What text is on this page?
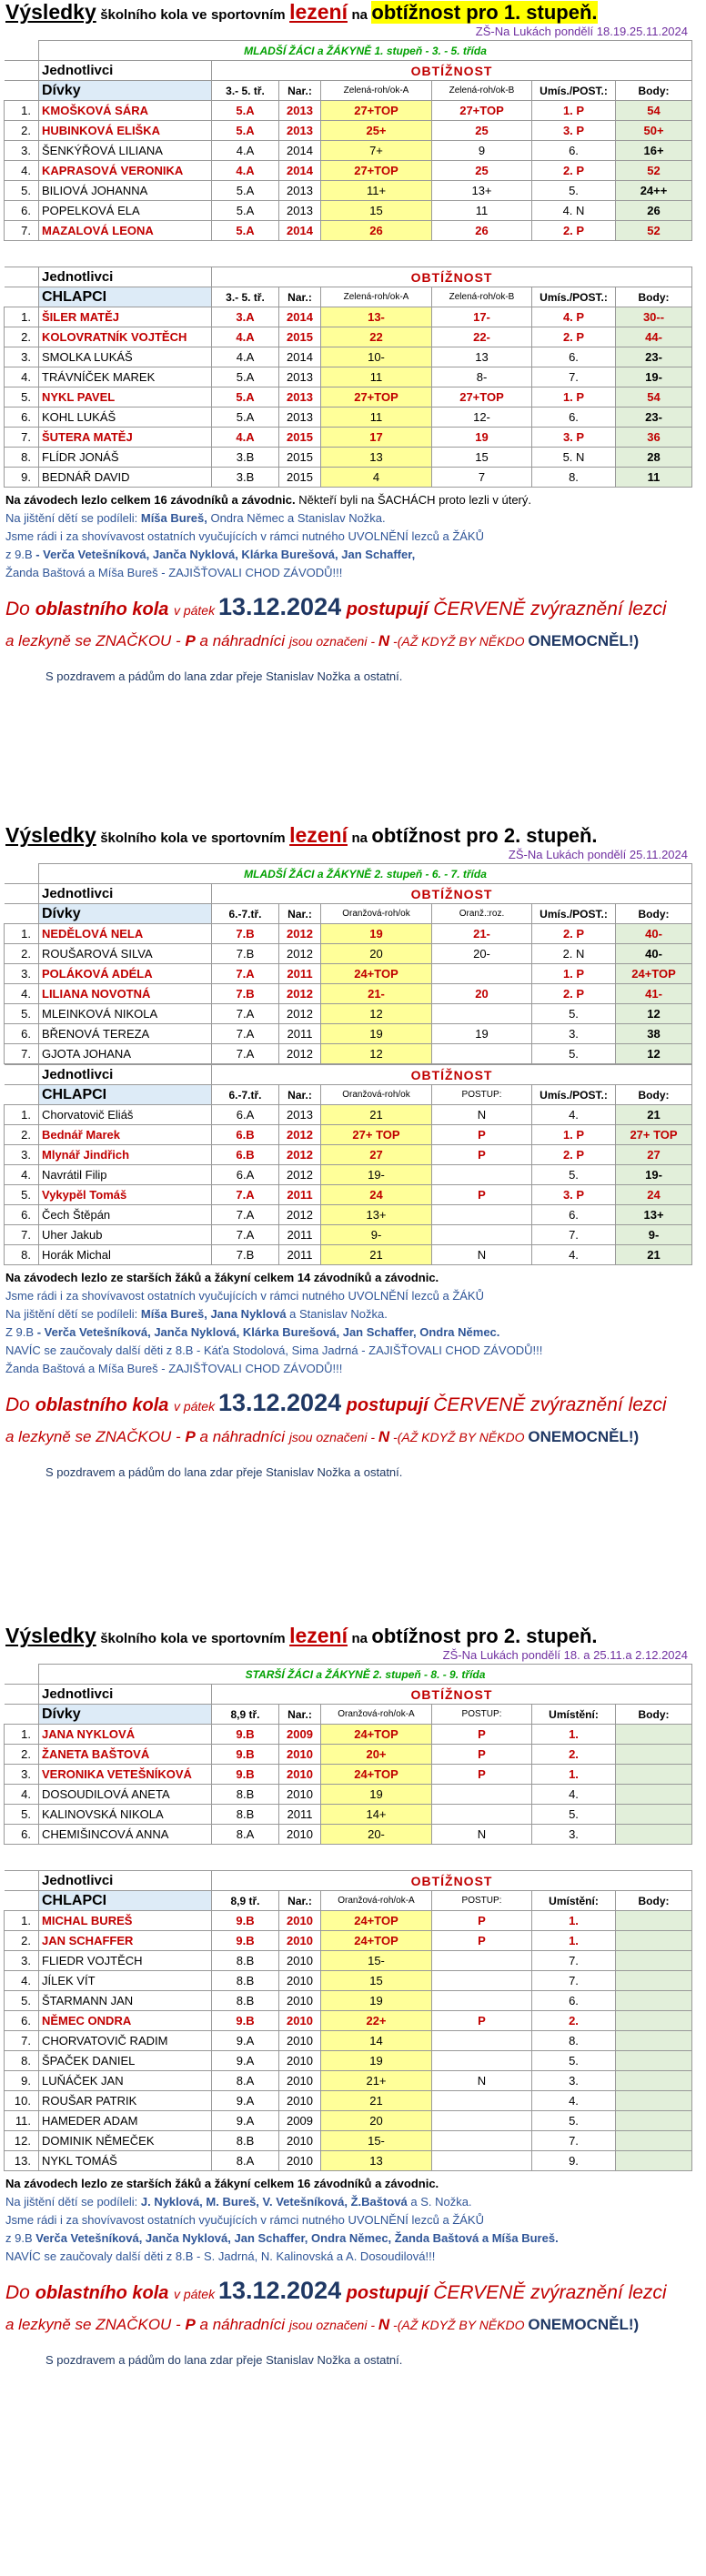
Výsledky školního kola ve sportovním lezení na obtížnost pro 1. stupeň.
ZŠ-Na Lukách pondělí 18.19.25.11.2024
	MLADŠÍ ŽÁCI a ŽÁKYNĚ 1. stupeň - 3. - 5. třída						
	Jednotlivci	OBTÍŽNOST					
	Dívky	3.- 5. tř.	Nar.:	Zelená-roh/ok-A	Zelená-roh/ok-B	Umís./POST.:	Body:
1.	KMOŠKOVÁ SÁRA	5.A	2013	27+TOP	27+TOP	1. P	54
2.	HUBINKOVÁ ELIŠKA	5.A	2013	25+	25	3. P	50+
3.	ŠENKÝŘOVÁ LILIANA	4.A	2014	7+	9	6.	16+
4.	KAPRASOVÁ VERONIKA	4.A	2014	27+TOP	25	2. P	52
5.	BILIOVÁ JOHANNA	5.A	2013	11+	13+	5.	24++
6.	POPELKOVÁ ELA	5.A	2013	15	11	4. N	26
7.	MAZALOVÁ LEONA	5.A	2014	26	26	2. P	52
	Jednotlivci	OBTÍŽNOST					
	CHLAPCI	3.- 5. tř.	Nar.:	Zelená-roh/ok-A	Zelená-roh/ok-B	Umís./POST.:	Body:
1.	ŠILER MATĚJ	3.A	2014	13-	17-	4. P	30--
2.	KOLOVRATNÍK VOJTĚCH	4.A	2015	22	22-	2. P	44-
3.	SMOLKA LUKÁŠ	4.A	2014	10-	13	6.	23-
4.	TRÁVNÍČEK MAREK	5.A	2013	11	8-	7.	19-
5.	NYKL PAVEL	5.A	2013	27+TOP	27+TOP	1. P	54
6.	KOHL LUKÁŠ	5.A	2013	11	12-	6.	23-
7.	ŠUTERA MATĚJ	4.A	2015	17	19	3. P	36
8.	FLÍDR JONÁŠ	3.B	2015	13	15	5. N	28
9.	BEDNÁŘ DAVID	3.B	2015	4	7	8.	11
Na závodech lezlo celkem 16 závodníků a závodnic. Někteří byli na ŠACHÁCH proto lezli v úterý.
Na jištění dětí se podíleli: Míša Bureš, Ondra Němec a Stanislav Nožka.
Jsme rádi i za shovívavost ostatních vyučujících v rámci nutného UVOLNĚNÍ lezců a ŽÁKŮ
z 9.B - Verča Vetešníková, Janča Nyklová, Klárka Burešová, Jan Schaffer,
Žanda Baštová a Míša Bureš - ZAJIŠŤOVALI CHOD ZÁVODŮ!!!
Do oblastního kola v pátek 13.12.2024 postupují ČERVENĚ zvýraznění lezci
a lezkyně se ZNAČKOU - P a náhradníci jsou označeni - N -(AŽ KDYŽ BY NĚKDO ONEMOCNĚL!)
S pozdravem a pádům do lana zdar přeje Stanislav Nožka a ostatní.
Výsledky školního kola ve sportovním lezení na obtížnost pro 2. stupeň.
ZŠ-Na Lukách pondělí 25.11.2024
	MLADŠÍ ŽÁCI a ŽÁKYNĚ 2. stupeň - 6. - 7. třída						
	Jednotlivci	OBTÍŽNOST					
	Dívky	6.-7.tř.	Nar.:	Oranžová-roh/ok	Oranž.:roz.	Umís./POST.:	Body:
1.	NEDĚLOVÁ NELA	7.B	2012	19	21-	2. P	40-
2.	ROUŠAROVÁ SILVA	7.B	2012	20	20-	2. N	40-
3.	POLÁKOVÁ ADÉLA	7.A	2011	24+TOP		1. P	24+TOP
4.	LILIANA NOVOTNÁ	7.B	2012	21-	20	2. P	41-
5.	MLEINKOVÁ NIKOLA	7.A	2012	12		5.	12
6.	BŘENOVÁ TEREZA	7.A	2011	19	19	3.	38
7.	GJOTA JOHANA	7.A	2012	12		5.	12
	Jednotlivci	OBTÍŽNOST					
	CHLAPCI	6.-7.tř.	Nar.:	Oranžová-roh/ok	POSTUP:	Umís./POST.:	Body:
1.	Chorvatovič Eliáš	6.A	2013	21	N	4.	21
2.	Bednář Marek	6.B	2012	27+ TOP	P	1. P	27+ TOP
3.	Mlynář Jindřich	6.B	2012	27	P	2. P	27
4.	Navrátil Filip	6.A	2012	19-		5.	19-
5.	Vykypěl Tomáš	7.A	2011	24	P	3. P	24
6.	Čech Štěpán	7.A	2012	13+		6.	13+
7.	Uher Jakub	7.A	2011	9-		7.	9-
8.	Horák Michal	7.B	2011	21	N	4.	21
Na závodech lezlo ze starších žáků a žákyní celkem 14 závodníků a závodnic.
Jsme rádi i za shovívavost ostatních vyučujících v rámci nutného UVOLNĚNÍ lezců a ŽÁKŮ
Na jištění dětí se podíleli: Míša Bureš, Jana Nyklová a Stanislav Nožka.
Z 9.B - Verča Vetešníková, Janča Nyklová, Klárka Burešová, Jan Schaffer, Ondra Němec.
NAVÍC se zaučovaly další děti z 8.B - Káťa Stodolová, Sima Jadrná - ZAJIŠŤOVALI CHOD ZÁVODŮ!!!
Žanda Baštová a Míša Bureš - ZAJIŠŤOVALI CHOD ZÁVODŮ!!!
Do oblastního kola v pátek 13.12.2024 postupují ČERVENĚ zvýraznění lezci
a lezkyně se ZNAČKOU - P a náhradníci jsou označeni - N -(AŽ KDYŽ BY NĚKDO ONEMOCNĚL!)
S pozdravem a pádům do lana zdar přeje Stanislav Nožka a ostatní.
Výsledky školního kola ve sportovním lezení na obtížnost pro 2. stupeň.
ZŠ-Na Lukách pondělí 18. a 25.11.a 2.12.2024
	STARŠÍ ŽÁCI a ŽÁKYNĚ 2. stupeň - 8. - 9. třída						
	Jednotlivci	OBTÍŽNOST					
	Dívky	8,9 tř.	Nar.:	Oranžová-roh/ok-A	POSTUP:	Umístění:	Body:
1.	JANA NYKLOVÁ	9.B	2009	24+TOP	P	1.	
2.	ŽANETA BAŠTOVÁ	9.B	2010	20+	P	2.	
3.	VERONIKA VETEŠNÍKOVÁ	9.B	2010	24+TOP	P	1.	
4.	DOSOUDILOVÁ ANETA	8.B	2010	19		4.	
5.	KALINOVSKÁ NIKOLA	8.B	2011	14+		5.	
6.	CHEMIŠINCOVÁ ANNA	8.A	2010	20-	N	3.	
	Jednotlivci	OBTÍŽNOST					
	CHLAPCI	8,9 tř.	Nar.:	Oranžová-roh/ok-A	POSTUP:	Umístění:	Body:
1.	MICHAL BUREŠ	9.B	2010	24+TOP	P	1.	
2.	JAN SCHAFFER	9.B	2010	24+TOP	P	1.	
3.	FLIEDR VOJTĚCH	8.B	2010	15-		7.	
4.	JÍLEK VÍT	8.B	2010	15		7.	
5.	ŠTARMANN JAN	8.B	2010	19		6.	
6.	NĚMEC ONDRA	9.B	2010	22+	P	2.	
7.	CHORVATOVIČ RADIM	9.A	2010	14		8.	
8.	ŠPAČEK DANIEL	9.A	2010	19		5.	
9.	LUŇÁČEK JAN	8.A	2010	21+	N	3.	
10.	ROUŠAR PATRIK	9.A	2010	21		4.	
11.	HAMEDER ADAM	9.A	2009	20		5.	
12.	DOMINIK NĚMEČEK	8.B	2010	15-		7.	
13.	NYKL TOMÁŠ	8.A	2010	13		9.	
Na závodech lezlo ze starších žáků a žákyní celkem 16 závodníků a závodnic.
Na jištění dětí se podíleli: J. Nyklová, M. Bureš, V. Vetešníková, Ž.Baštová a S. Nožka.
Jsme rádi i za shovívavost ostatních vyučujících v rámci nutného UVOLNĚNÍ lezců a ŽÁKŮ
z 9.B Verča Vetešníková, Janča Nyklová, Jan Schaffer, Ondra Němec, Žanda Baštová a Míša Bureš.
NAVÍC se zaučovaly další děti z 8.B - S. Jadrná, N. Kalinovská a A. Dosoudilová!!!
Do oblastního kola v pátek 13.12.2024 postupují ČERVENĚ zvýraznění lezci
a lezkyně se ZNAČKOU - P a náhradníci jsou označeni - N -(AŽ KDYŽ BY NĚKDO ONEMOCNĚL!)
S pozdravem a pádům do lana zdar přeje Stanislav Nožka a ostatní.
